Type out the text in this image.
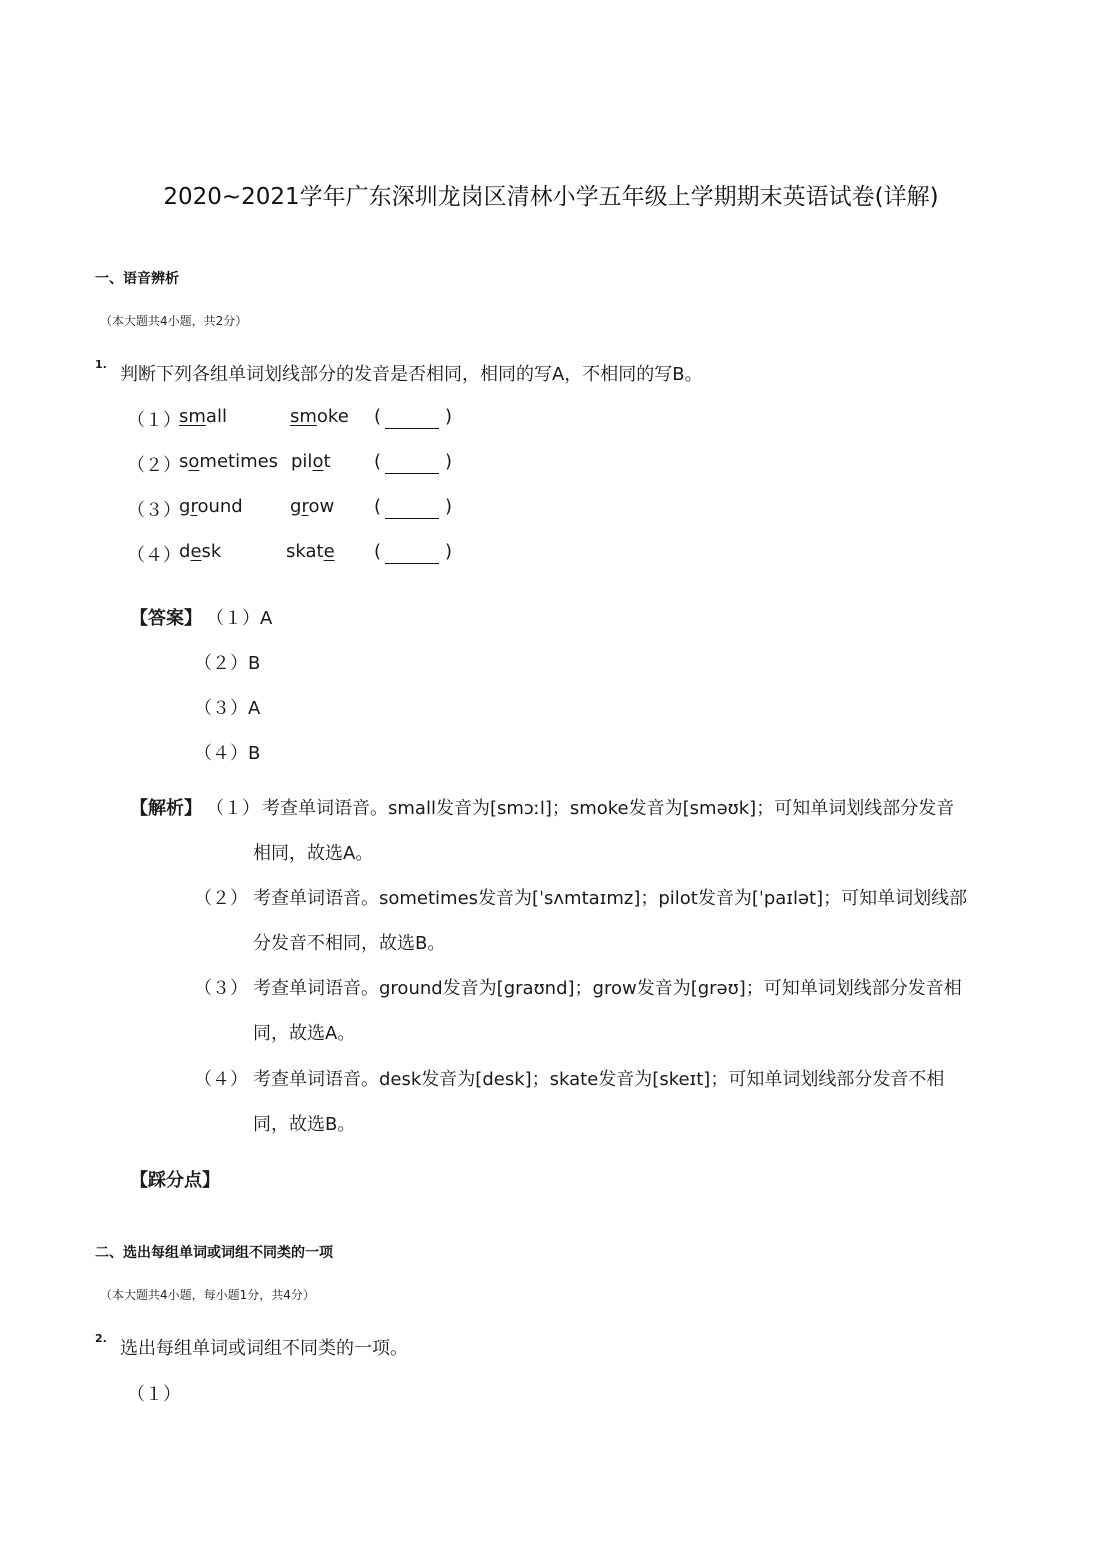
2020~2021学年广东深圳龙岗区清林小学五年级上学期期末英语试卷(详解)
一、语音辨析
（本大题共4小题，共2分）
1. 判断下列各组单词划线部分的发音是否相同，相同的写A，不相同的写B。
（１）
small	smoke (	)
（２）
sometimes pilot (	)
（３）
ground	grow (	)
（４）
desk	skate (	)
【答案】 （１）A
（２）B
（３）A
（４）B
【解析】 （１） 考查单词语音。small发音为[smɔːl]；smoke发音为[sməʊk]；可知单词划线部分发音
相同，故选A。
（２） 考查单词语音。sometimes发音为[ˈsʌmtaɪmz]；pilot发音为[ˈpaɪlət]；可知单词划线部
分发音不相同，故选B。
（３） 考查单词语音。ground发音为[graʊnd]；grow发音为[grəʊ]；可知单词划线部分发音相
同，故选A。
（４） 考查单词语音。desk发音为[desk]；skate发音为[skeɪt]；可知单词划线部分发音不相
同，故选B。
【踩分点】
二、选出每组单词或词组不同类的一项
（本大题共4小题，每小题1分，共4分）
2. 选出每组单词或词组不同类的一项。
（１）
